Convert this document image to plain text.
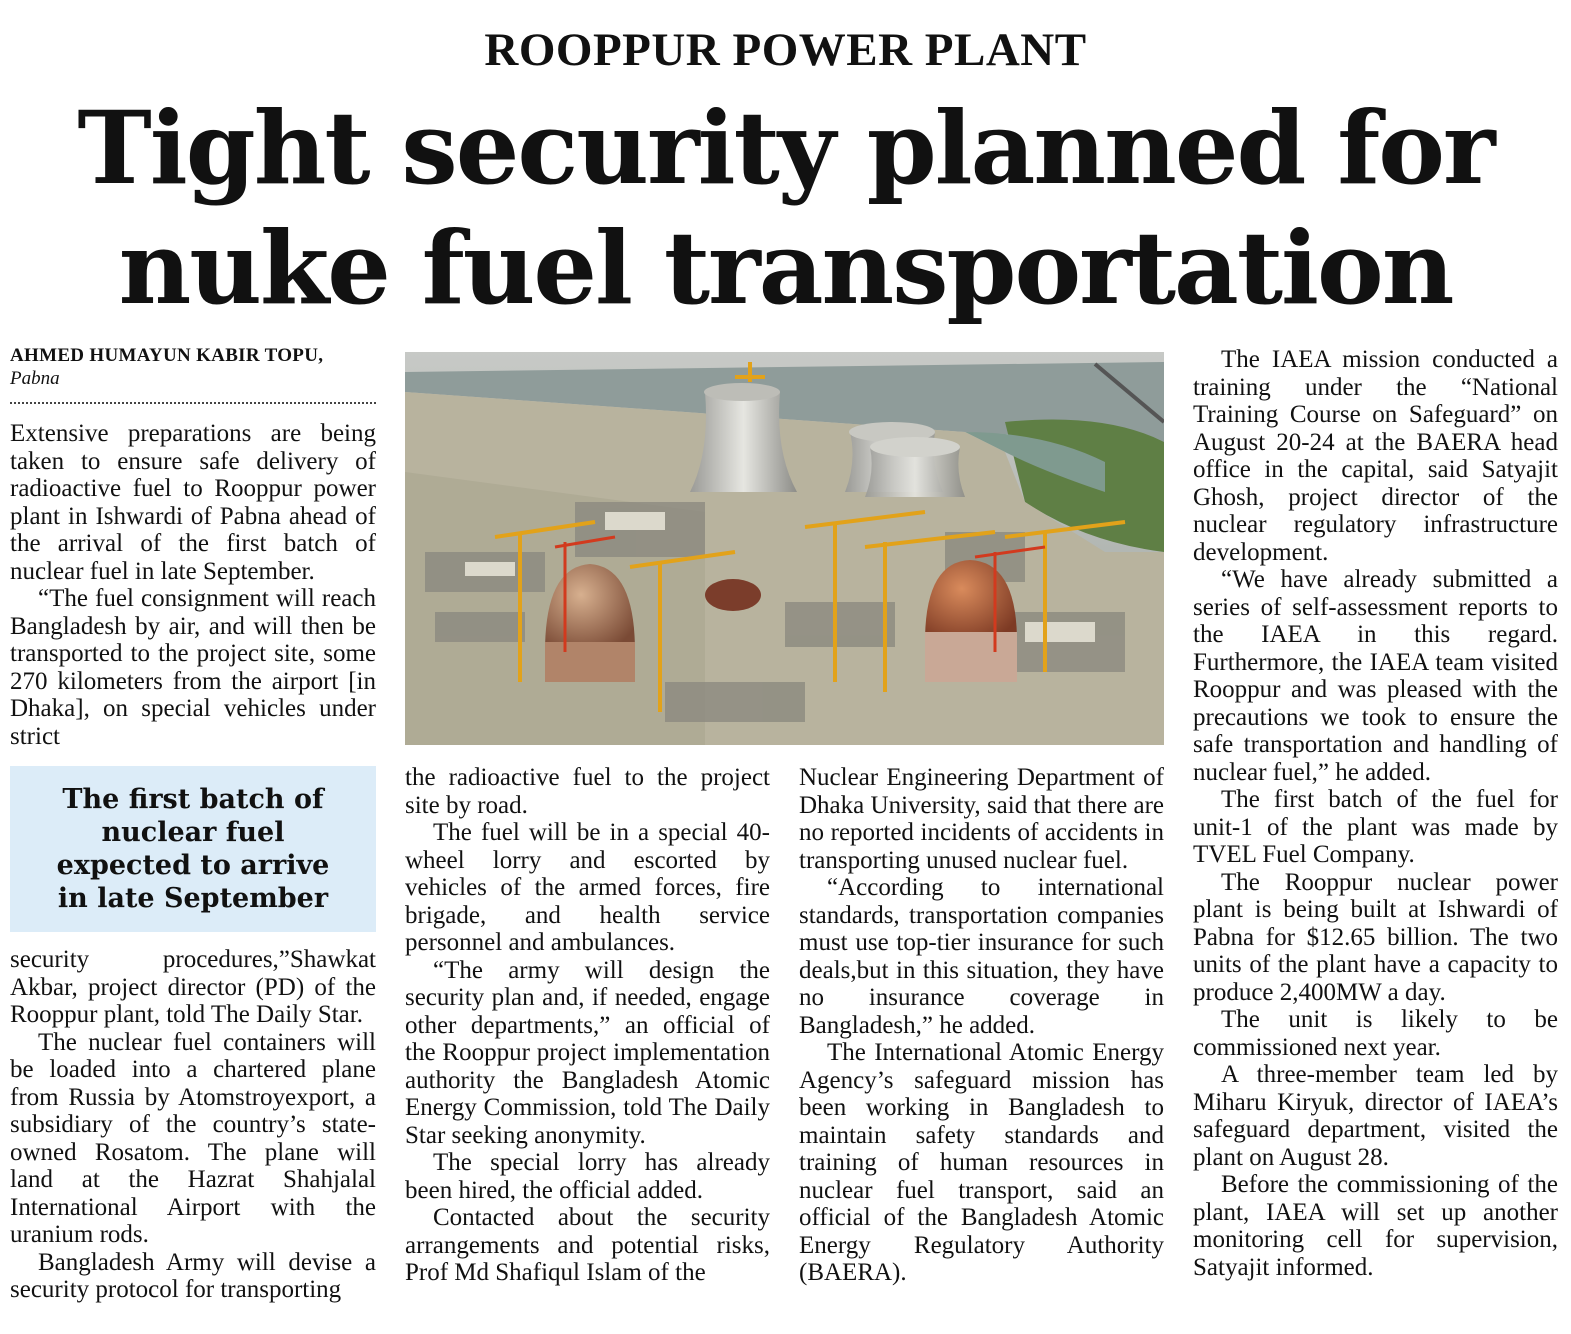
ROOPPUR POWER PLANT
Tight security planned for
nuke fuel transportation
AHMED HUMAYUN KABIR TOPU,
Pabna

Extensive preparations are being taken to ensure safe delivery of radioactive fuel to Rooppur power plant in Ishwardi of Pabna ahead of the arrival of the first batch of nuclear fuel in late September.

“The fuel consignment will reach Bangladesh by air, and will then be transported to the project site, some 270 kilometers from the airport [in Dhaka], on special vehicles under strict

The first batch of nuclear fuel expected to arrive in late September

security procedures,”Shawkat Akbar, project director (PD) of the Rooppur plant, told The Daily Star.

The nuclear fuel containers will be loaded into a chartered plane from Russia by Atomstroyexport, a subsidiary of the country’s state-owned Rosatom. The plane will land at the Hazrat Shahjalal International Airport with the uranium rods.

Bangladesh Army will devise a security protocol for transporting

the radioactive fuel to the project site by road.

The fuel will be in a special 40-wheel lorry and escorted by vehicles of the armed forces, fire brigade, and health service personnel and ambulances.

“The army will design the security plan and, if needed, engage other departments,” an official of the Rooppur project implementation authority the Bangladesh Atomic Energy Commission, told The Daily Star seeking anonymity.

The special lorry has already been hired, the official added.

Contacted about the security arrangements and potential risks, Prof Md Shafiqul Islam of the

Nuclear Engineering Department of Dhaka University, said that there are no reported incidents of accidents in transporting unused nuclear fuel.

“According to international standards, transportation companies must use top-tier insurance for such deals,but in this situation, they have no insurance coverage in Bangladesh,” he added.

The International Atomic Energy Agency’s safeguard mission has been working in Bangladesh to maintain safety standards and training of human resources in nuclear fuel transport, said an official of the Bangladesh Atomic Energy Regulatory Authority (BAERA).

The IAEA mission conducted a training under the “National Training Course on Safeguard” on August 20-24 at the BAERA head office in the capital, said Satyajit Ghosh, project director of the nuclear regulatory infrastructure development.

“We have already submitted a series of self-assessment reports to the IAEA in this regard. Furthermore, the IAEA team visited Rooppur and was pleased with the precautions we took to ensure the safe transportation and handling of nuclear fuel,” he added.

The first batch of the fuel for unit-1 of the plant was made by TVEL Fuel Company.

The Rooppur nuclear power plant is being built at Ishwardi of Pabna for $12.65 billion. The two units of the plant have a capacity to produce 2,400MW a day.

The unit is likely to be commissioned next year.

A three-member team led by Miharu Kiryuk, director of IAEA’s safeguard department, visited the plant on August 28.

Before the commissioning of the plant, IAEA will set up another monitoring cell for supervision, Satyajit informed.
